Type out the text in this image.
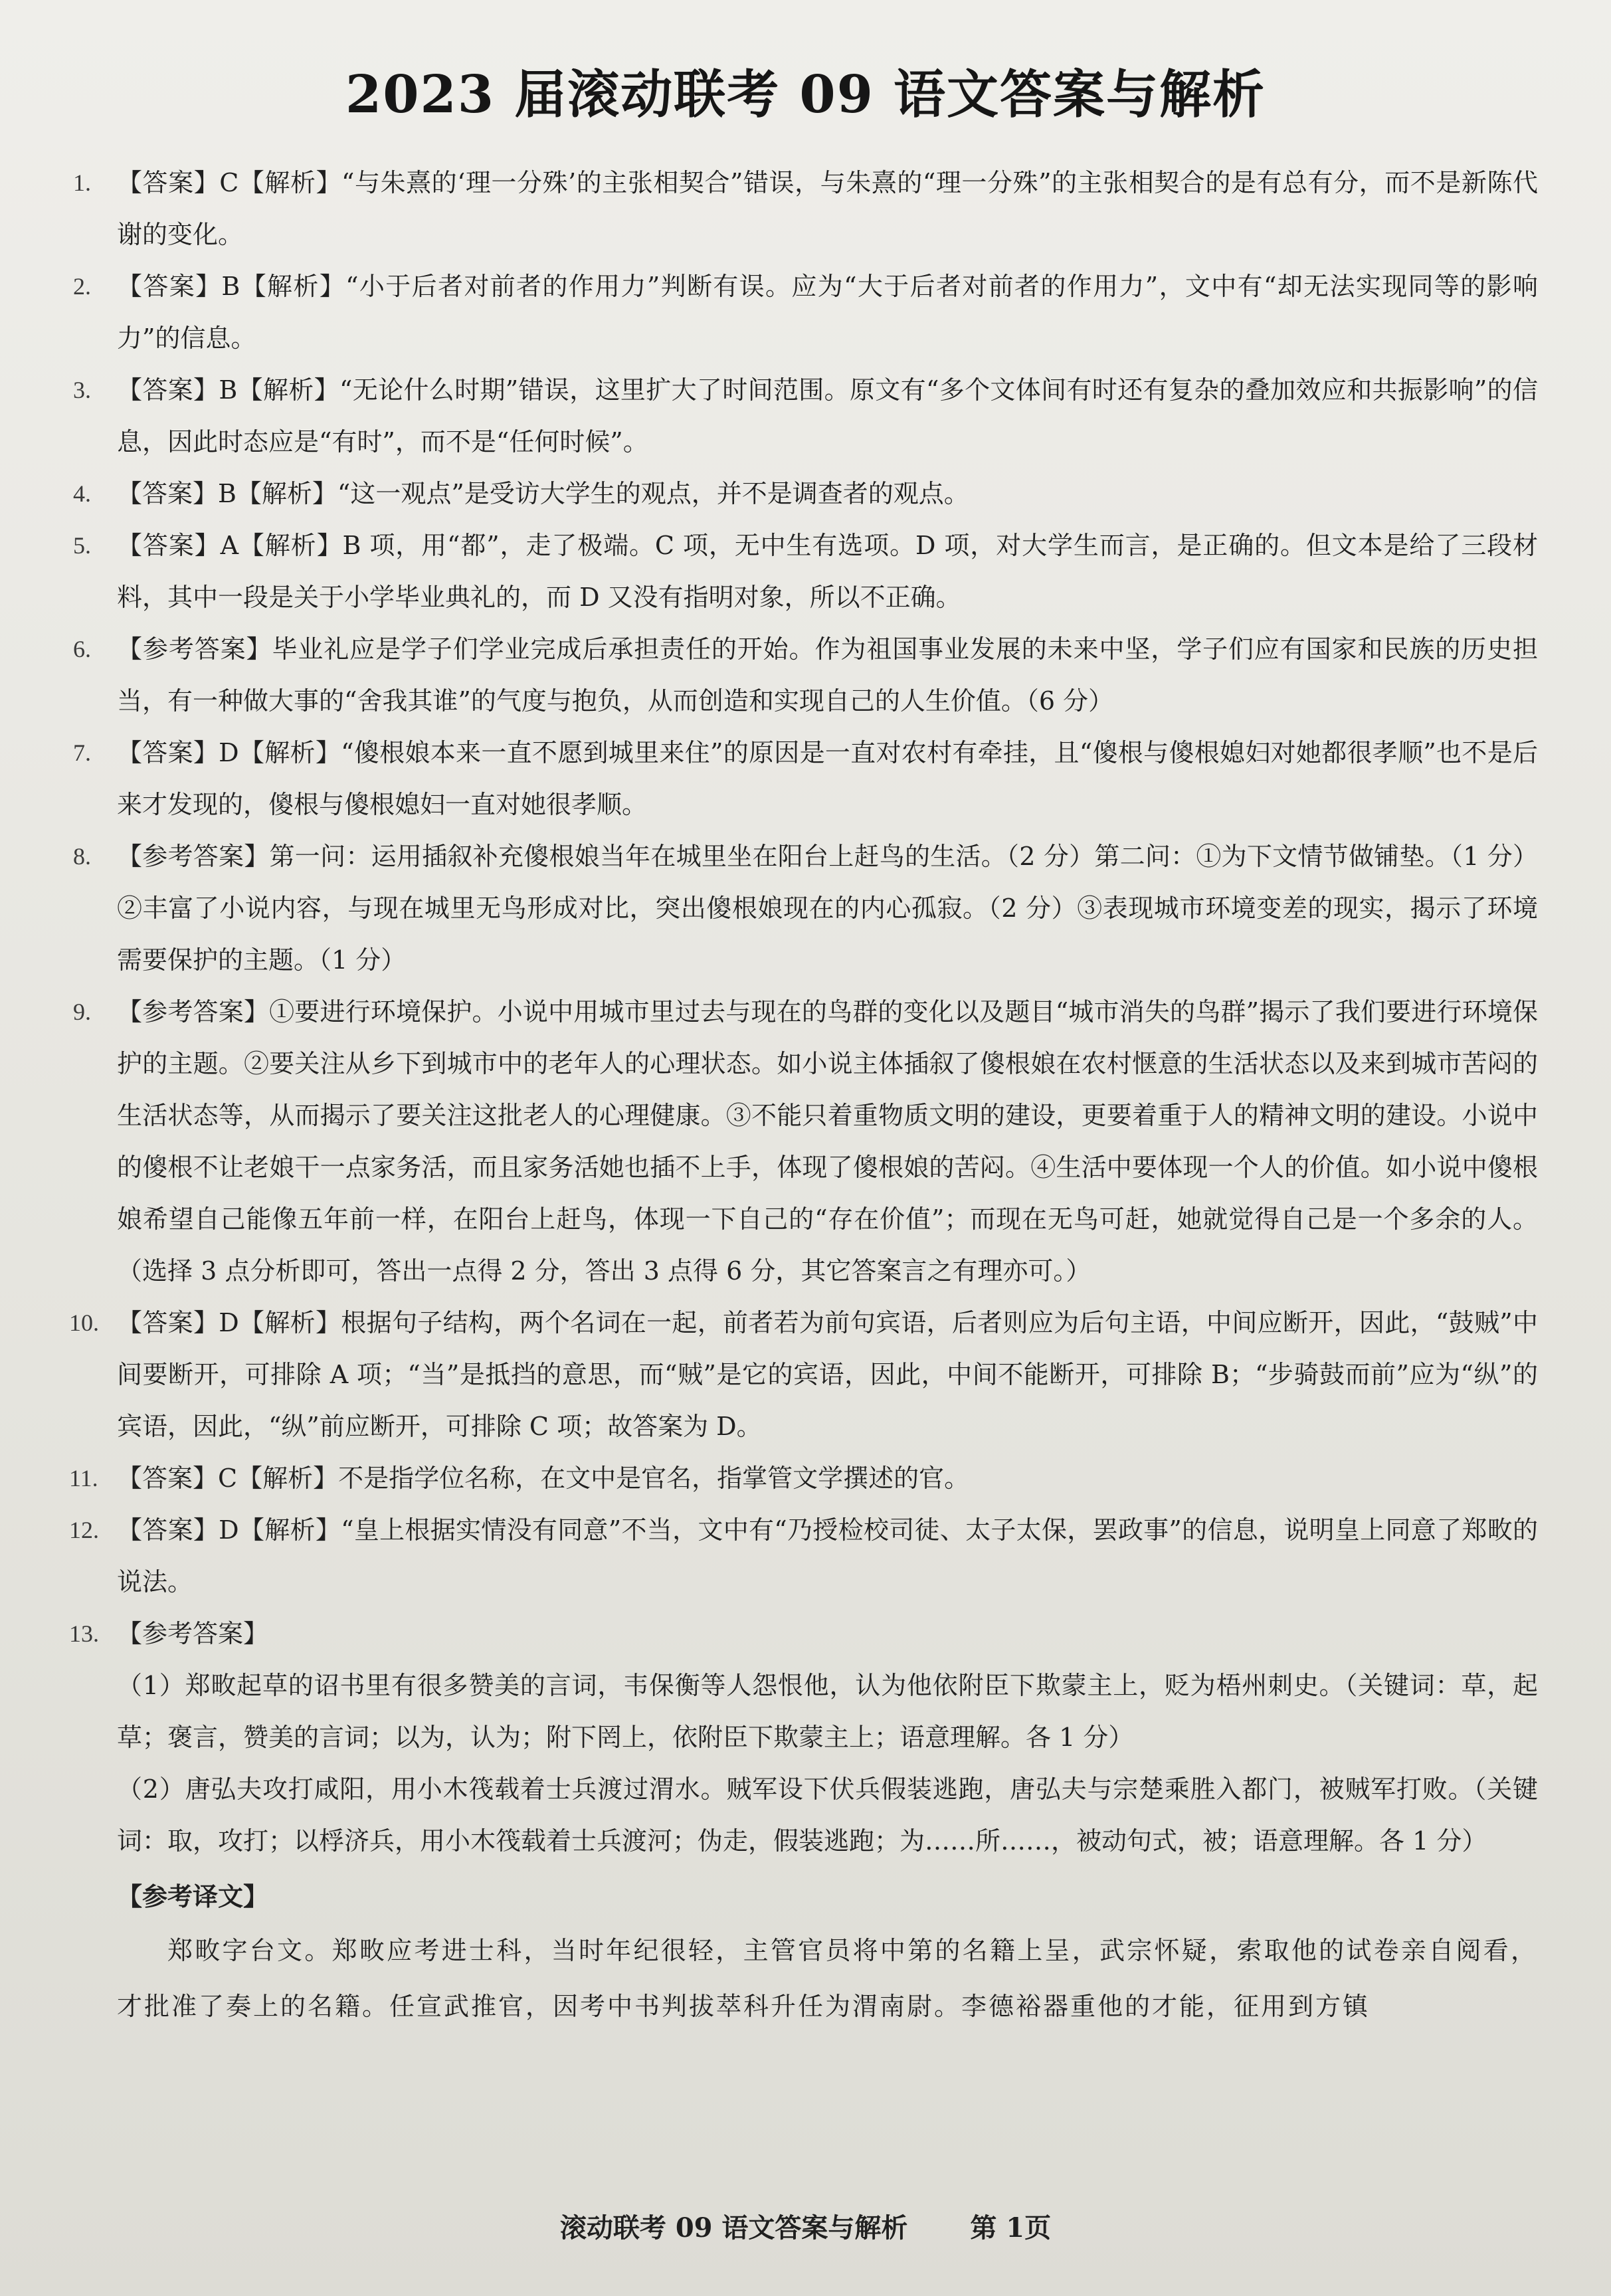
2023 届滚动联考 09 语文答案与解析

1.	【答案】C【解析】“与朱熹的‘理一分殊’的主张相契合”错误，与朱熹的“理一分殊”的主张相契合的是有总有分，而不是新陈代谢的变化。

2.	【答案】B【解析】“小于后者对前者的作用力”判断有误。应为“大于后者对前者的作用力”，文中有“却无法实现同等的影响力”的信息。

3.	【答案】B【解析】“无论什么时期”错误，这里扩大了时间范围。原文有“多个文体间有时还有复杂的叠加效应和共振影响”的信息，因此时态应是“有时”，而不是“任何时候”。

4.	【答案】B【解析】“这一观点”是受访大学生的观点，并不是调查者的观点。

5.	【答案】A【解析】B 项，用“都”，走了极端。C 项，无中生有选项。D 项，对大学生而言，是正确的。但文本是给了三段材料，其中一段是关于小学毕业典礼的，而 D 又没有指明对象，所以不正确。

6.	【参考答案】毕业礼应是学子们学业完成后承担责任的开始。作为祖国事业发展的未来中坚，学子们应有国家和民族的历史担当，有一种做大事的“舍我其谁”的气度与抱负，从而创造和实现自己的人生价值。（6 分）

7.	【答案】D【解析】“傻根娘本来一直不愿到城里来住”的原因是一直对农村有牵挂，且“傻根与傻根媳妇对她都很孝顺”也不是后来才发现的，傻根与傻根媳妇一直对她很孝顺。

8.	【参考答案】第一问：运用插叙补充傻根娘当年在城里坐在阳台上赶鸟的生活。（2 分）第二问：①为下文情节做铺垫。（1 分）②丰富了小说内容，与现在城里无鸟形成对比，突出傻根娘现在的内心孤寂。（2 分）③表现城市环境变差的现实，揭示了环境需要保护的主题。（1 分）

9.	【参考答案】①要进行环境保护。小说中用城市里过去与现在的鸟群的变化以及题目“城市消失的鸟群”揭示了我们要进行环境保护的主题。②要关注从乡下到城市中的老年人的心理状态。如小说主体插叙了傻根娘在农村惬意的生活状态以及来到城市苦闷的生活状态等，从而揭示了要关注这批老人的心理健康。③不能只着重物质文明的建设，更要着重于人的精神文明的建设。小说中的傻根不让老娘干一点家务活，而且家务活她也插不上手，体现了傻根娘的苦闷。④生活中要体现一个人的价值。如小说中傻根娘希望自己能像五年前一样，在阳台上赶鸟，体现一下自己的“存在价值”；而现在无鸟可赶，她就觉得自己是一个多余的人。（选择 3 点分析即可，答出一点得 2 分，答出 3 点得 6 分，其它答案言之有理亦可。）

10. 【答案】D【解析】根据句子结构，两个名词在一起，前者若为前句宾语，后者则应为后句主语，中间应断开，因此，“鼓贼”中间要断开，可排除 A 项；“当”是抵挡的意思，而“贼”是它的宾语，因此，中间不能断开，可排除 B；“步骑鼓而前”应为“纵”的宾语，因此，“纵”前应断开，可排除 C 项；故答案为 D。

11. 【答案】C【解析】不是指学位名称，在文中是官名，指掌管文学撰述的官。

12. 【答案】D【解析】“皇上根据实情没有同意”不当，文中有“乃授检校司徒、太子太保，罢政事”的信息，说明皇上同意了郑畋的说法。

13. 【参考答案】

（1）郑畋起草的诏书里有很多赞美的言词，韦保衡等人怨恨他，认为他依附臣下欺蒙主上，贬为梧州刺史。（关键词：草，起草；褒言，赞美的言词；以为，认为；附下罔上，依附臣下欺蒙主上；语意理解。各 1 分）

（2）唐弘夫攻打咸阳，用小木筏载着士兵渡过渭水。贼军设下伏兵假装逃跑，唐弘夫与宗楚乘胜入都门，被贼军打败。（关键词：取，攻打；以桴济兵，用小木筏载着士兵渡河；伪走，假装逃跑；为……所……，被动句式，被；语意理解。各 1 分）

【参考译文】

郑畋字台文。郑畋应考进士科，当时年纪很轻，主管官员将中第的名籍上呈，武宗怀疑，索取他的试卷亲自阅看，才批准了奏上的名籍。任宣武推官，因考中书判拔萃科升任为渭南尉。李德裕器重他的才能，征用到方镇

滚动联考 09 语文答案与解析 第 1页
